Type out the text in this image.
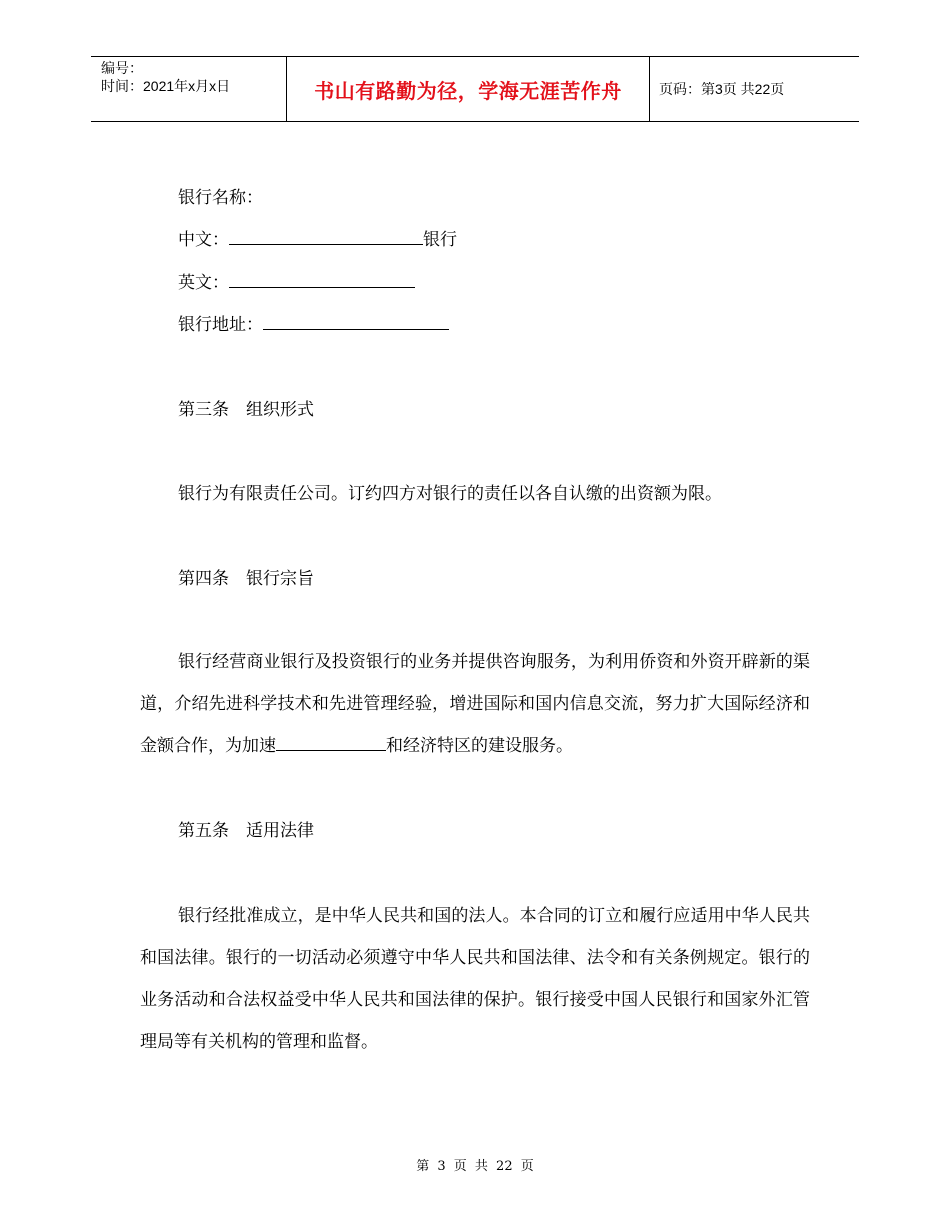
编号：
时间：2021年x月x日	书山有路勤为径，学海无涯苦作舟	页码：第3页 共22页
银行名称：
中文：	银行
英文：
银行地址：
第三条　组织形式
银行为有限责任公司。订约四方对银行的责任以各自认缴的出资额为限。
第四条　银行宗旨
银行经营商业银行及投资银行的业务并提供咨询服务，为利用侨资和外资开辟新的渠道，介绍先进科学技术和先进管理经验，增进国际和国内信息交流，努力扩大国际经济和金额合作，为加速	和经济特区的建设服务。
第五条　适用法律
银行经批准成立，是中华人民共和国的法人。本合同的订立和履行应适用中华人民共和国法律。银行的一切活动必须遵守中华人民共和国法律、法令和有关条例规定。银行的业务活动和合法权益受中华人民共和国法律的保护。银行接受中国人民银行和国家外汇管理局等有关机构的管理和监督。
第 3 页 共 22 页
